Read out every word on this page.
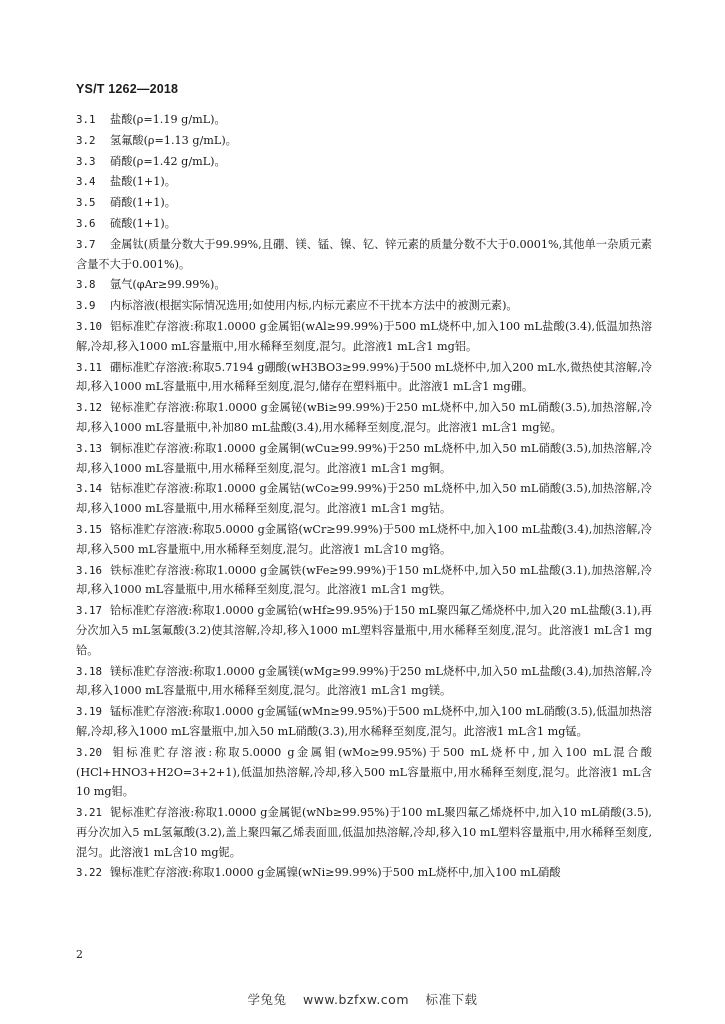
YS/T 1262—2018
3.1 盐酸(ρ=1.19 g/mL)。
3.2 氢氟酸(ρ=1.13 g/mL)。
3.3 硝酸(ρ=1.42 g/mL)。
3.4 盐酸(1+1)。
3.5 硝酸(1+1)。
3.6 硫酸(1+1)。
3.7 金属钛(质量分数大于99.99%,且硼、镁、锰、镍、钇、锌元素的质量分数不大于0.0001%,其他单一杂质元素含量不大于0.001%)。
3.8 氩气(φAr≥99.99%)。
3.9 内标溶液(根据实际情况选用;如使用内标,内标元素应不干扰本方法中的被测元素)。
3.10 铝标准贮存溶液:称取1.0000 g金属铝(wAl≥99.99%)于500 mL烧杯中,加入100 mL盐酸(3.4),低温加热溶解,冷却,移入1000 mL容量瓶中,用水稀释至刻度,混匀。此溶液1 mL含1 mg铝。
3.11 硼标准贮存溶液:称取5.7194 g硼酸(wH3BO3≥99.99%)于500 mL烧杯中,加入200 mL水,微热使其溶解,冷却,移入1000 mL容量瓶中,用水稀释至刻度,混匀,储存在塑料瓶中。此溶液1 mL含1 mg硼。
3.12 铋标准贮存溶液:称取1.0000 g金属铋(wBi≥99.99%)于250 mL烧杯中,加入50 mL硝酸(3.5),加热溶解,冷却,移入1000 mL容量瓶中,补加80 mL盐酸(3.4),用水稀释至刻度,混匀。此溶液1 mL含1 mg铋。
3.13 铜标准贮存溶液:称取1.0000 g金属铜(wCu≥99.99%)于250 mL烧杯中,加入50 mL硝酸(3.5),加热溶解,冷却,移入1000 mL容量瓶中,用水稀释至刻度,混匀。此溶液1 mL含1 mg铜。
3.14 钴标准贮存溶液:称取1.0000 g金属钴(wCo≥99.99%)于250 mL烧杯中,加入50 mL硝酸(3.5),加热溶解,冷却,移入1000 mL容量瓶中,用水稀释至刻度,混匀。此溶液1 mL含1 mg钴。
3.15 铬标准贮存溶液:称取5.0000 g金属铬(wCr≥99.99%)于500 mL烧杯中,加入100 mL盐酸(3.4),加热溶解,冷却,移入500 mL容量瓶中,用水稀释至刻度,混匀。此溶液1 mL含10 mg铬。
3.16 铁标准贮存溶液:称取1.0000 g金属铁(wFe≥99.99%)于150 mL烧杯中,加入50 mL盐酸(3.1),加热溶解,冷却,移入1000 mL容量瓶中,用水稀释至刻度,混匀。此溶液1 mL含1 mg铁。
3.17 铪标准贮存溶液:称取1.0000 g金属铪(wHf≥99.95%)于150 mL聚四氟乙烯烧杯中,加入20 mL盐酸(3.1),再分次加入5 mL氢氟酸(3.2)使其溶解,冷却,移入1000 mL塑料容量瓶中,用水稀释至刻度,混匀。此溶液1 mL含1 mg铪。
3.18 镁标准贮存溶液:称取1.0000 g金属镁(wMg≥99.99%)于250 mL烧杯中,加入50 mL盐酸(3.4),加热溶解,冷却,移入1000 mL容量瓶中,用水稀释至刻度,混匀。此溶液1 mL含1 mg镁。
3.19 锰标准贮存溶液:称取1.0000 g金属锰(wMn≥99.95%)于500 mL烧杯中,加入100 mL硝酸(3.5),低温加热溶解,冷却,移入1000 mL容量瓶中,加入50 mL硝酸(3.3),用水稀释至刻度,混匀。此溶液1 mL含1 mg锰。
3.20 钼标准贮存溶液:称取5.0000 g金属钼(wMo≥99.95%)于500 mL烧杯中,加入100 mL混合酸(HCl+HNO3+H2O=3+2+1),低温加热溶解,冷却,移入500 mL容量瓶中,用水稀释至刻度,混匀。此溶液1 mL含10 mg钼。
3.21 铌标准贮存溶液:称取1.0000 g金属铌(wNb≥99.95%)于100 mL聚四氟乙烯烧杯中,加入10 mL硝酸(3.5),再分次加入5 mL氢氟酸(3.2),盖上聚四氟乙烯表面皿,低温加热溶解,冷却,移入10 mL塑料容量瓶中,用水稀释至刻度,混匀。此溶液1 mL含10 mg铌。
3.22 镍标准贮存溶液:称取1.0000 g金属镍(wNi≥99.99%)于500 mL烧杯中,加入100 mL硝酸
2
学兔兔 www.bzfxw.com 标准下载
